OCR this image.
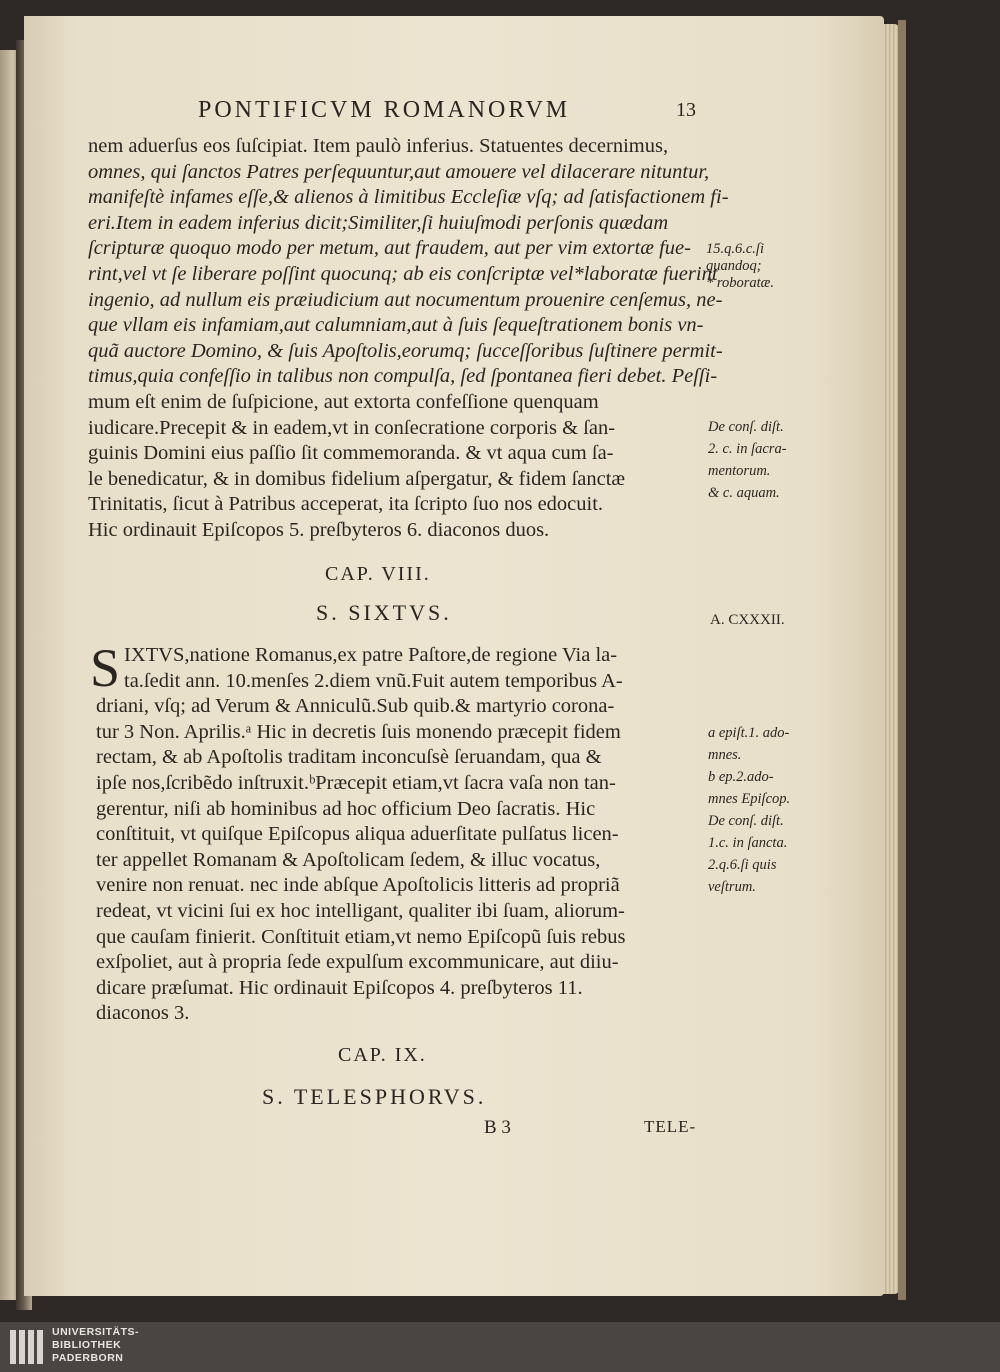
PONTIFICVM ROMANORVM	13
nem aduerſus eos ſuſcipiat. Item paulò inferius. Statuentes decernimus,
omnes, qui ſanctos Patres perſequuntur,aut amouere vel dilacerare nituntur,
manifeſtè infames eſſe,& alienos à limitibus Eccleſiæ vſq; ad ſatisfactionem fi-
eri.Item in eadem inferius dicit;Similiter,ſi huiuſmodi perſonis quædam
ſcripturæ quoquo modo per metum, aut fraudem, aut per vim extortæ fue-
rint,vel vt ſe liberare poſſint quocunq; ab eis conſcriptæ vel*laboratæ fuerint
ingenio, ad nullum eis præiudicium aut nocumentum prouenire cenſemus, ne-
que vllam eis infamiam,aut calumniam,aut à ſuis ſequeſtrationem bonis vn-
quã auctore Domino, & ſuis Apoſtolis,eorumq; ſucceſſoribus ſuſtinere permit-
timus,quia confeſſio in talibus non compulſa, ſed ſpontanea fieri debet. Peſſi-
mum eſt enim de ſuſpicione, aut extorta confeſſione quenquam
iudicare.Precepit & in eadem,vt in conſecratione corporis & ſan-
guinis Domini eius paſſio ſit commemoranda. & vt aqua cum ſa-
le benedicatur, & in domibus fidelium aſpergatur, & fidem ſanctæ
Trinitatis, ſicut à Patribus acceperat, ita ſcripto ſuo nos edocuit.
Hic ordinauit Epiſcopos 5. preſbyteros 6. diaconos duos.
15.q.6.c.ſi
quandoq;
* roboratæ.
De conſ. diſt.
2. c. in ſacra-
mentorum.
& c. aquam.
CAP. VIII.
S. SIXTVS.	A. CXXXII.
S IXTVS,natione Romanus,ex patre Paſtore,de regione Via la-
ta.ſedit ann. 10.menſes 2.diem vnũ.Fuit autem temporibus A-
driani, vſq; ad Verum & Anniculũ.Sub quib.& martyrio corona-
tur 3 Non. Aprilis.ᵃ Hic in decretis ſuis monendo præcepit fidem
rectam, & ab Apoſtolis traditam inconcuſsè ſeruandam, qua &
ipſe nos,ſcribẽdo inſtruxit.ᵇPræcepit etiam,vt ſacra vaſa non tan-
gerentur, niſi ab hominibus ad hoc officium Deo ſacratis. Hic
conſtituit, vt quiſque Epiſcopus aliqua aduerſitate pulſatus licen-
ter appellet Romanam & Apoſtolicam ſedem, & illuc vocatus,
venire non renuat. nec inde abſque Apoſtolicis litteris ad propriã
redeat, vt vicini ſui ex hoc intelligant, qualiter ibi ſuam, aliorum-
que cauſam finierit. Conſtituit etiam,vt nemo Epiſcopũ ſuis rebus
exſpoliet, aut à propria ſede expulſum excommunicare, aut diiu-
dicare præſumat. Hic ordinauit Epiſcopos 4. preſbyteros 11.
diaconos 3.
a epiſt.1. ado-
mnes.
b ep.2.ado-
mnes Epiſcop.
De conſ. diſt.
1.c. in ſancta.
2.q.6.ſi quis
veſtrum.
CAP. IX.
S. TELESPHORVS.
B 3	TELE-
UNIVERSITÄTS-
BIBLIOTHEK
PADERBORN
